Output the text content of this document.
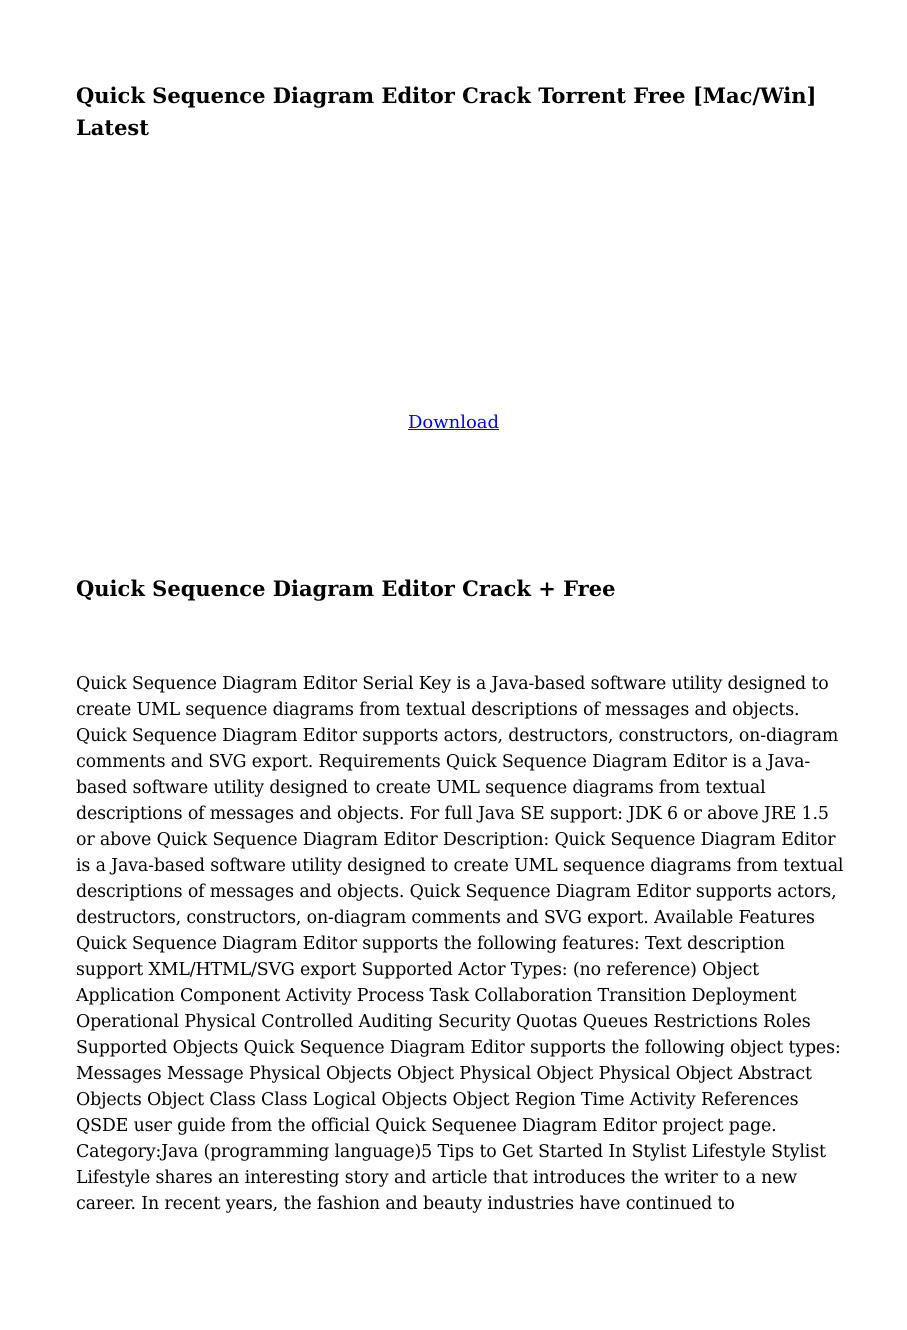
Quick Sequence Diagram Editor Crack Torrent Free [Mac/Win] Latest
Download
Quick Sequence Diagram Editor Crack + Free

Quick Sequence Diagram Editor Serial Key is a Java-based software utility designed to create UML sequence diagrams from textual descriptions of messages and objects. Quick Sequence Diagram Editor supports actors, destructors, constructors, on-diagram comments and SVG export. Requirements Quick Sequence Diagram Editor is a Java-based software utility designed to create UML sequence diagrams from textual descriptions of messages and objects. For full Java SE support: JDK 6 or above JRE 1.5 or above Quick Sequence Diagram Editor Description: Quick Sequence Diagram Editor is a Java-based software utility designed to create UML sequence diagrams from textual descriptions of messages and objects. Quick Sequence Diagram Editor supports actors, destructors, constructors, on-diagram comments and SVG export. Available Features Quick Sequence Diagram Editor supports the following features: Text description support XML/HTML/SVG export Supported Actor Types: (no reference) Object Application Component Activity Process Task Collaboration Transition Deployment Operational Physical Controlled Auditing Security Quotas Queues Restrictions Roles Supported Objects Quick Sequence Diagram Editor supports the following object types: Messages Message Physical Objects Object Physical Object Physical Object Abstract Objects Object Class Class Logical Objects Object Region Time Activity References QSDE user guide from the official Quick Sequenee Diagram Editor project page. Category:Java (programming language)5 Tips to Get Started In Stylist Lifestyle Stylist Lifestyle shares an interesting story and article that introduces the writer to a new career. In recent years, the fashion and beauty industries have continued to
